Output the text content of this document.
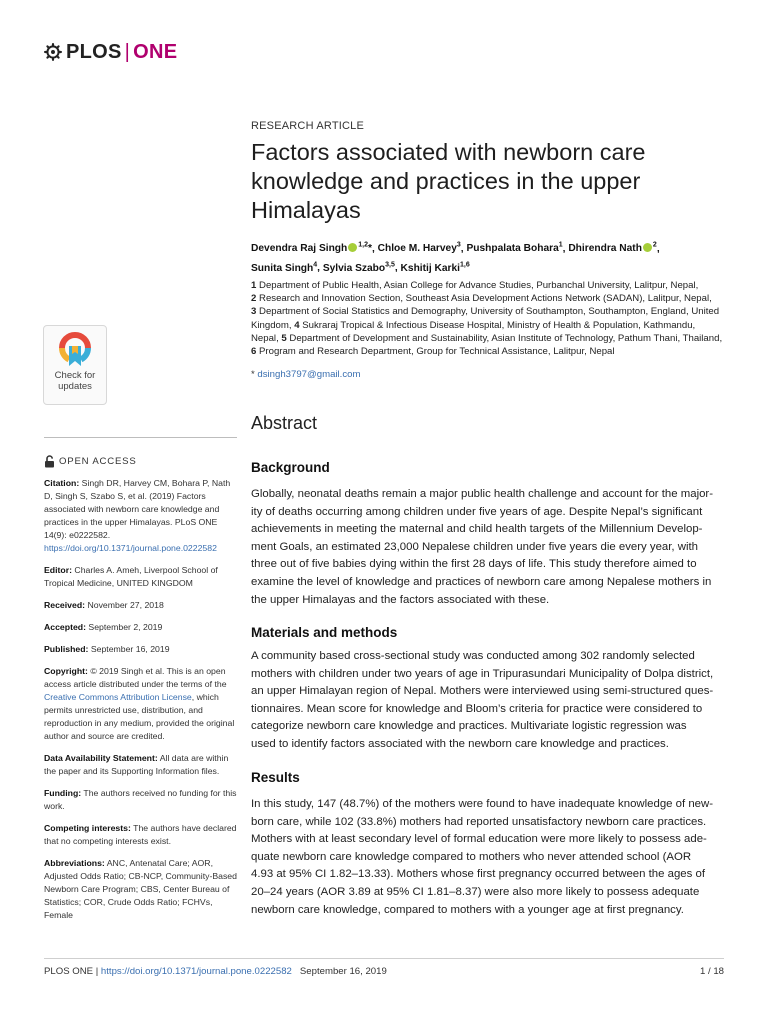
PLOS | ONE
RESEARCH ARTICLE
Factors associated with newborn care
knowledge and practices in the upper
Himalayas
Devendra Raj Singh $^{1,2}$*, Chloe M. Harvey$^3$, Pushpalata Bohara$^1$, Dhirendra Nath $^2$,
Sunita Singh$^4$, Sylvia Szabo$^{3,5}$, Kshitij Karki$^{1,6}$
1 Department of Public Health, Asian College for Advance Studies, Purbanchal University, Lalitpur, Nepal,
2 Research and Innovation Section, Southeast Asia Development Actions Network (SADAN), Lalitpur, Nepal,
3 Department of Social Statistics and Demography, University of Southampton, Southampton, England, United Kingdom, 4 Sukraraj Tropical & Infectious Disease Hospital, Ministry of Health & Population, Kathmandu, Nepal, 5 Department of Development and Sustainability, Asian Institute of Technology, Pathum Thani, Thailand, 6 Program and Research Department, Group for Technical Assistance, Lalitpur, Nepal
* dsingh3797@gmail.com
Abstract
Background
Globally, neonatal deaths remain a major public health challenge and account for the major-
ity of deaths occurring among children under five years of age. Despite Nepal’s significant
achievements in meeting the maternal and child health targets of the Millennium Develop-
ment Goals, an estimated 23,000 Nepalese children under five years die every year, with
three out of five babies dying within the first 28 days of life. This study therefore aimed to
examine the level of knowledge and practices of newborn care among Nepalese mothers in
the upper Himalayas and the factors associated with these.
Materials and methods
A community based cross-sectional study was conducted among 302 randomly selected
mothers with children under two years of age in Tripurasundari Municipality of Dolpa district,
an upper Himalayan region of Nepal. Mothers were interviewed using semi-structured ques-
tionnaires. Mean score for knowledge and Bloom’s criteria for practice were considered to
categorize newborn care knowledge and practices. Multivariate logistic regression was
used to identify factors associated with the newborn care knowledge and practices.
Results
In this study, 147 (48.7%) of the mothers were found to have inadequate knowledge of new-
born care, while 102 (33.8%) mothers had reported unsatisfactory newborn care practices.
Mothers with at least secondary level of formal education were more likely to possess ade-
quate newborn care knowledge compared to mothers who never attended school (AOR
4.93 at 95% CI 1.82–13.33). Mothers whose first pregnancy occurred between the ages of
20–24 years (AOR 3.89 at 95% CI 1.81–8.37) were also more likely to possess adequate
newborn care knowledge, compared to mothers with a younger age at first pregnancy.
Check for
updates
OPEN ACCESS
Citation: Singh DR, Harvey CM, Bohara P, Nath D, Singh S, Szabo S, et al. (2019) Factors associated with newborn care knowledge and practices in the upper Himalayas. PLoS ONE 14(9): e0222582. https://doi.org/10.1371/journal.pone.0222582
Editor: Charles A. Ameh, Liverpool School of Tropical Medicine, UNITED KINGDOM
Received: November 27, 2018
Accepted: September 2, 2019
Published: September 16, 2019
Copyright: © 2019 Singh et al. This is an open access article distributed under the terms of the Creative Commons Attribution License, which permits unrestricted use, distribution, and reproduction in any medium, provided the original author and source are credited.
Data Availability Statement: All data are within the paper and its Supporting Information files.
Funding: The authors received no funding for this work.
Competing interests: The authors have declared that no competing interests exist.
Abbreviations: ANC, Antenatal Care; AOR, Adjusted Odds Ratio; CB-NCP, Community-Based Newborn Care Program; CBS, Center Bureau of Statistics; COR, Crude Odds Ratio; FCHVs, Female
PLOS ONE | https://doi.org/10.1371/journal.pone.0222582 September 16, 2019	1 / 18
